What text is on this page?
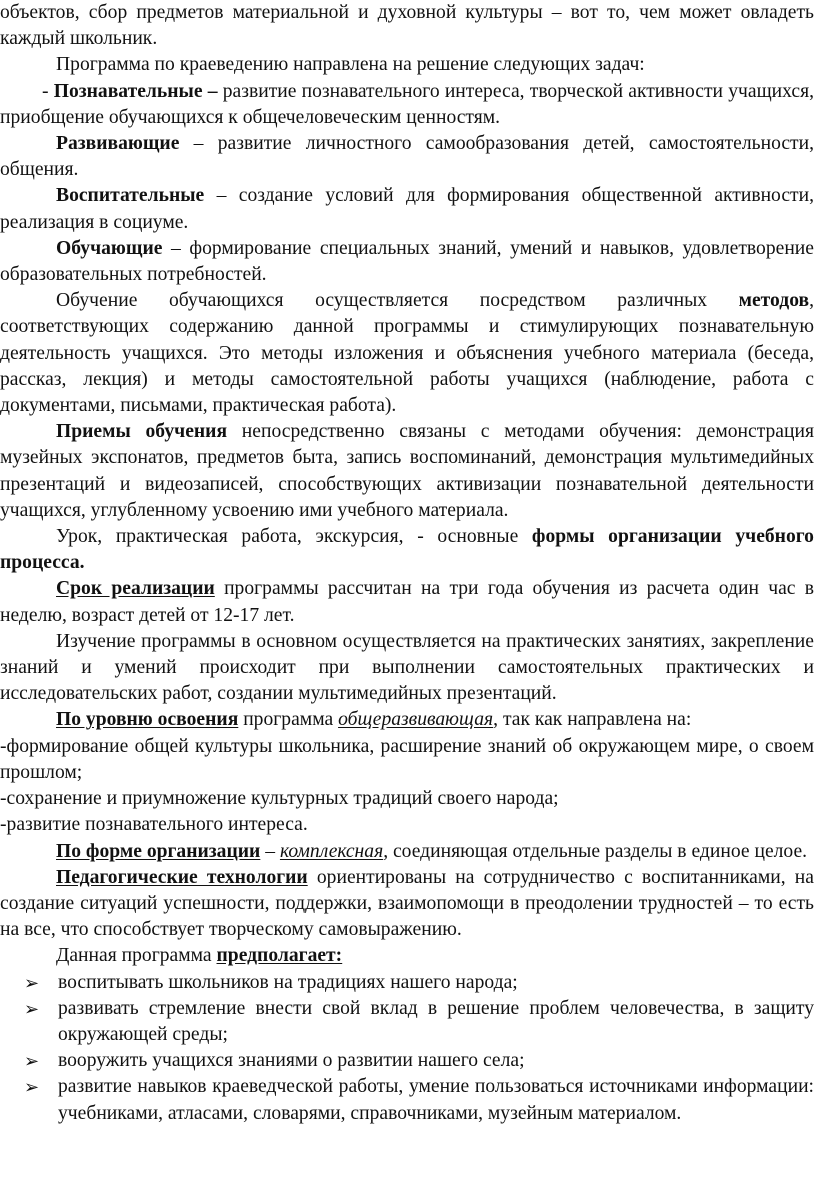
объектов, сбор предметов материальной и духовной культуры – вот то, чем может овладеть каждый школьник.

Программа по краеведению направлена на решение следующих задач:

- Познавательные – развитие познавательного интереса, творческой активности учащихся, приобщение обучающихся к общечеловеческим ценностям.

Развивающие – развитие личностного самообразования детей, самостоятельности, общения.

Воспитательные – создание условий для формирования общественной активности, реализация в социуме.

Обучающие – формирование специальных знаний, умений и навыков, удовлетворение образовательных потребностей.

Обучение обучающихся осуществляется посредством различных методов, соответствующих содержанию данной программы и стимулирующих познавательную деятельность учащихся. Это методы изложения и объяснения учебного материала (беседа, рассказ, лекция) и методы самостоятельной работы учащихся (наблюдение, работа с документами, письмами, практическая работа).

Приемы обучения непосредственно связаны с методами обучения: демонстрация музейных экспонатов, предметов быта, запись воспоминаний, демонстрация мультимедийных презентаций и видеозаписей, способствующих активизации познавательной деятельности учащихся, углубленному усвоению ими учебного материала.

Урок, практическая работа, экскурсия, - основные формы организации учебного процесса.

Срок реализации программы рассчитан на три года обучения из расчета один час в неделю, возраст детей от 12-17 лет.

Изучение программы в основном осуществляется на практических занятиях, закрепление знаний и умений происходит при выполнении самостоятельных практических и исследовательских работ, создании мультимедийных презентаций.

По уровню освоения программа общеразвивающая, так как направлена на:

-формирование общей культуры школьника, расширение знаний об окружающем мире, о своем прошлом;

-сохранение и приумножение культурных традиций своего народа;

-развитие познавательного интереса.

По форме организации – комплексная, соединяющая отдельные разделы в единое целое.

Педагогические технологии ориентированы на сотрудничество с воспитанниками, на создание ситуаций успешности, поддержки, взаимопомощи в преодолении трудностей – то есть на все, что способствует творческому самовыражению.

Данная программа предполагает:

➢ воспитывать школьников на традициях нашего народа;
➢ развивать стремление внести свой вклад в решение проблем человечества, в защиту окружающей среды;
➢ вооружить учащихся знаниями о развитии нашего села;
➢ развитие навыков краеведческой работы, умение пользоваться источниками информации: учебниками, атласами, словарями, справочниками, музейным материалом.
